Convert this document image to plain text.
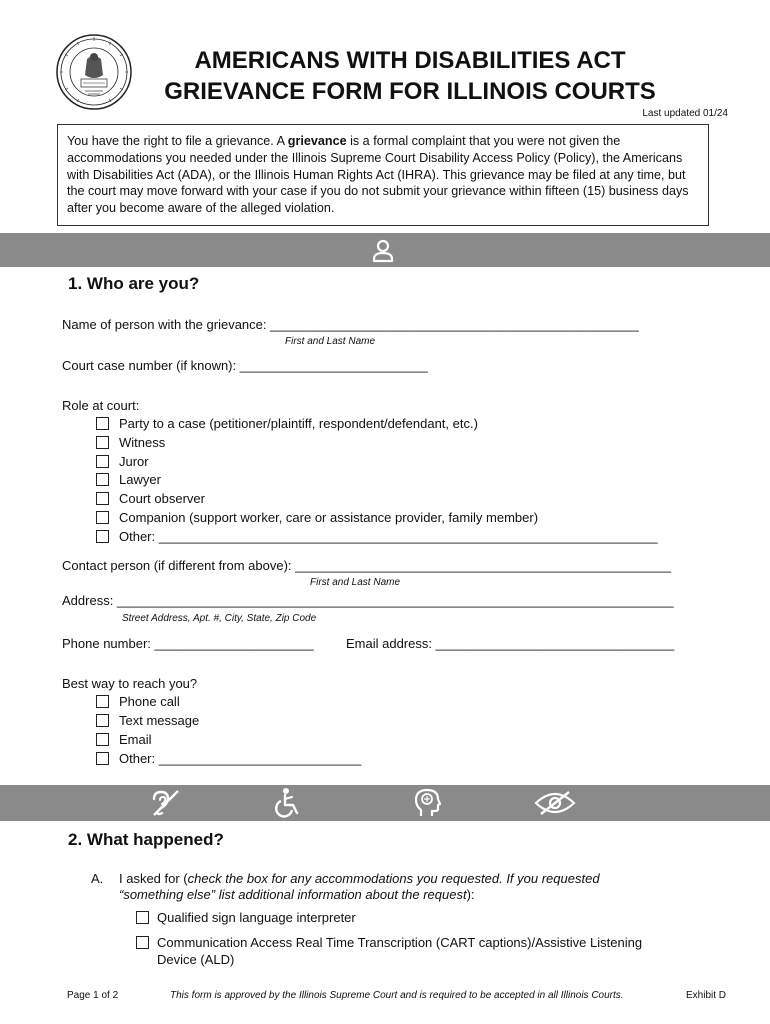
AMERICANS WITH DISABILITIES ACT
GRIEVANCE FORM FOR ILLINOIS COURTS
Last updated 01/24
You have the right to file a grievance. A grievance is a formal complaint that you were not given the accommodations you needed under the Illinois Supreme Court Disability Access Policy (Policy), the Americans with Disabilities Act (ADA), or the Illinois Human Rights Act (IHRA). This grievance may be filed at any time, but the court may move forward with your case if you do not submit your grievance within fifteen (15) business days after you become aware of the alleged violation.
1. Who are you?
Name of person with the grievance: ___________________________________________________
First and Last Name
Court case number (if known): __________________________
Role at court:
Party to a case (petitioner/plaintiff, respondent/defendant, etc.)
Witness
Juror
Lawyer
Court observer
Companion (support worker, care or assistance provider, family member)
Other: _____________________________________________________________________
Contact person (if different from above): ____________________________________________________
First and Last Name
Address: _____________________________________________________________________________
Street Address, Apt. #, City, State, Zip Code
Phone number: ______________________ Email address: _________________________________
Best way to reach you?
Phone call
Text message
Email
Other: ____________________________
2. What happened?
A. I asked for (check the box for any accommodations you requested. If you requested
“something else” list additional information about the request):
Qualified sign language interpreter
Communication Access Real Time Transcription (CART captions)/Assistive Listening
Device (ALD)
Page 1 of 2	This form is approved by the Illinois Supreme Court and is required to be accepted in all Illinois Courts.	Exhibit D
